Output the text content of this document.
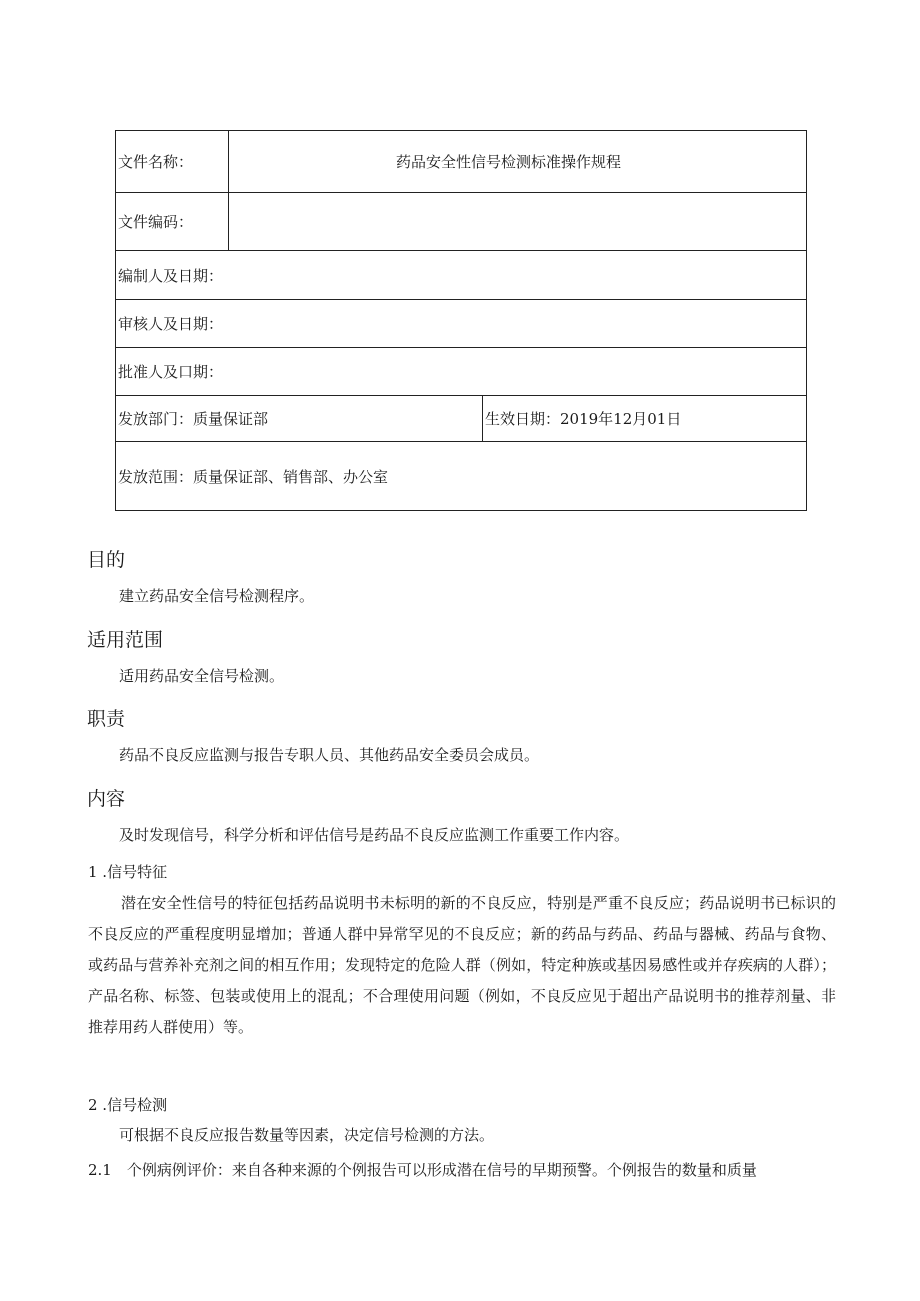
文件名称：	药品安全性信号检测标准操作规程	
文件编码：		
编制人及日期：		
审核人及日期：		
批准人及口期：		
发放部门：质量保证部		生效日期：2019年12月01日
发放范围：质量保证部、销售部、办公室		
目的

建立药品安全信号检测程序。

适用范围

适用药品安全信号检测。

职责

药品不良反应监测与报告专职人员、其他药品安全委员会成员。

内容

及时发现信号，科学分析和评估信号是药品不良反应监测工作重要工作内容。

1 .信号特征

潜在安全性信号的特征包括药品说明书未标明的新的不良反应，特别是严重不良反应；药品说明书已标识的不良反应的严重程度明显增加；普通人群中异常罕见的不良反应；新的药品与药品、药品与器械、药品与食物、或药品与营养补充剂之间的相互作用；发现特定的危险人群（例如，特定种族或基因易感性或并存疾病的人群）；产品名称、标签、包装或使用上的混乱；不合理使用问题（例如，不良反应见于超出产品说明书的推荐剂量、非推荐用药人群使用）等。

2 .信号检测

可根据不良反应报告数量等因素，决定信号检测的方法。

2.1　个例病例评价：来自各种来源的个例报告可以形成潜在信号的早期预警。个例报告的数量和质量
